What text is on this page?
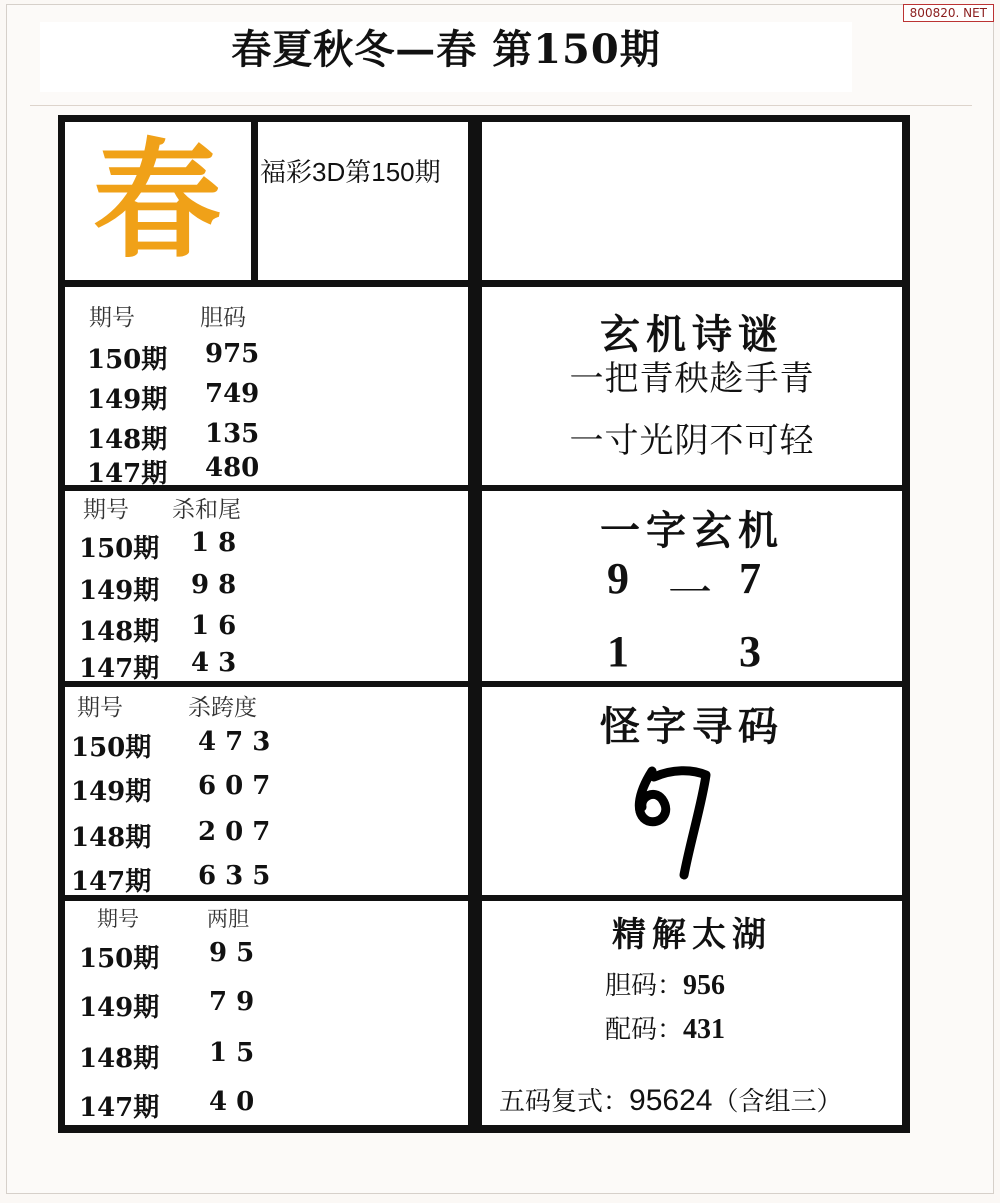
800820. NET
春夏秋冬—春 第150期
春 福彩3D第150期
期号	胆码
150期 975
149期 749
148期 135
147期 480
期号 杀和尾
150期 1 8
149期 9 8
148期 1 6
147期 4 3
期号	杀跨度
150期 4 7 3
149期 6 0 7
148期 2 0 7
147期 6 3 5
期号	两胆
150期 9 5
149期 7 9
148期 1 5
147期 4 0
玄机诗谜
一把青秧趁手青
一寸光阴不可轻
一字玄机
9 一 7
1	3
怪字寻码
精解太湖
胆码：956
配码：431
五码复式：95624（含组三）
